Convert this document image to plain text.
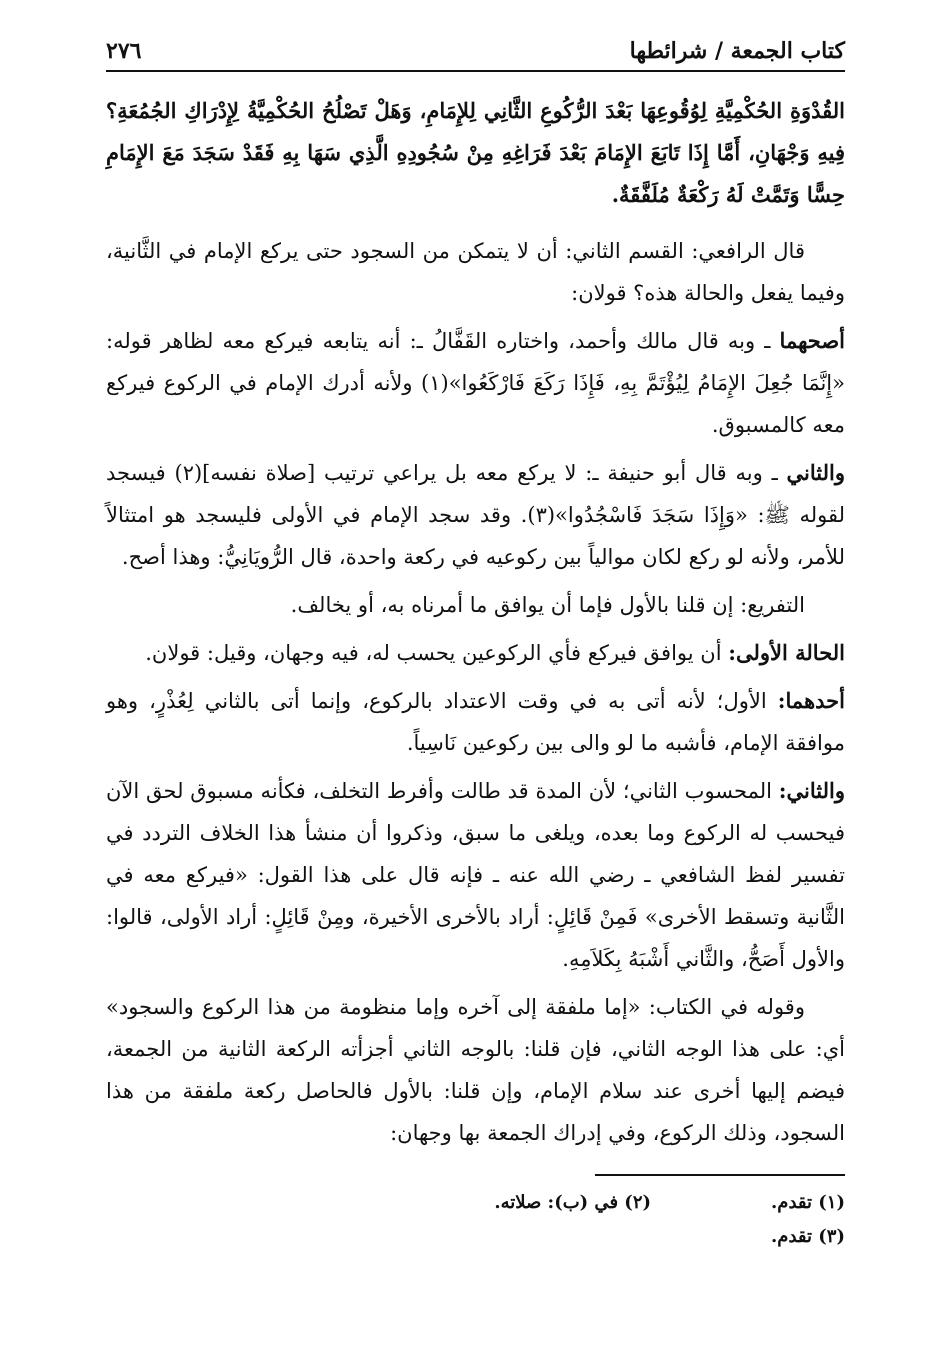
كتاب الجمعة / شرائطها
٢٧٦

القُدْوَةِ الحُكْمِيَّةِ لِوُقُوعِهَا بَعْدَ الرُّكُوعِ الثَّانِي لِلإِمَامِ، وَهَلْ تَصْلُحُ الحُكْمِيَّةُ لِإِدْرَاكِ الجُمُعَةِ؟ فِيهِ وَجْهَانِ، أَمَّا إِذَا تَابَعَ الإِمَامَ بَعْدَ فَرَاغِهِ مِنْ سُجُودِهِ الَّذِي سَهَا بِهِ فَقَدْ سَجَدَ مَعَ الإِمَامِ حِسًّا وَتَمَّتْ لَهُ رَكْعَةٌ مُلَفَّقَةٌ.

قال الرافعي: القسم الثاني: أن لا يتمكن من السجود حتى يركع الإمام في الثَّانية، وفيما يفعل والحالة هذه؟ قولان:

أصحهما ـ وبه قال مالك وأحمد، واختاره القَفَّالُ ـ: أنه يتابعه فيركع معه لظاهر قوله: «إِنَّمَا جُعِلَ الإِمَامُ لِيُؤْتَمَّ بِهِ، فَإِذَا رَكَعَ فَارْكَعُوا»(١) ولأنه أدرك الإمام في الركوع فيركع معه كالمسبوق.

والثاني ـ وبه قال أبو حنيفة ـ: لا يركع معه بل يراعي ترتيب [صلاة نفسه](٢) فيسجد لقوله ﷺ: «وَإِذَا سَجَدَ فَاسْجُدُوا»(٣). وقد سجد الإمام في الأولى فليسجد هو امتثالاً للأمر، ولأنه لو ركع لكان موالياً بين ركوعيه في ركعة واحدة، قال الرُّويَانِيُّ: وهذا أصح.

التفريع: إن قلنا بالأول فإما أن يوافق ما أمرناه به، أو يخالف.

الحالة الأولى: أن يوافق فيركع فأي الركوعين يحسب له، فيه وجهان، وقيل: قولان.

أحدهما: الأول؛ لأنه أتى به في وقت الاعتداد بالركوع، وإنما أتى بالثاني لِعُذْرٍ، وهو موافقة الإمام، فأشبه ما لو والى بين ركوعين نَاسِياً.

والثاني: المحسوب الثاني؛ لأن المدة قد طالت وأفرط التخلف، فكأنه مسبوق لحق الآن فيحسب له الركوع وما بعده، ويلغى ما سبق، وذكروا أن منشأ هذا الخلاف التردد في تفسير لفظ الشافعي ـ رضي الله عنه ـ فإنه قال على هذا القول: «فيركع معه في الثَّانية وتسقط الأخرى» فَمِنْ قَائِلٍ: أراد بالأخرى الأخيرة، ومِنْ قَائِلٍ: أراد الأولى، قالوا: والأول أَصَحُّ، والثَّاني أَشْبَهُ بِكَلاَمِهِ.

وقوله في الكتاب: «إما ملفقة إلى آخره وإما منظومة من هذا الركوع والسجود» أي: على هذا الوجه الثاني، فإن قلنا: بالوجه الثاني أجزأته الركعة الثانية من الجمعة، فيضم إليها أخرى عند سلام الإمام، وإن قلنا: بالأول فالحاصل ركعة ملفقة من هذا السجود، وذلك الركوع، وفي إدراك الجمعة بها وجهان:

(١) تقدم.
(٢) في (ب): صلاته.
(٣) تقدم.
